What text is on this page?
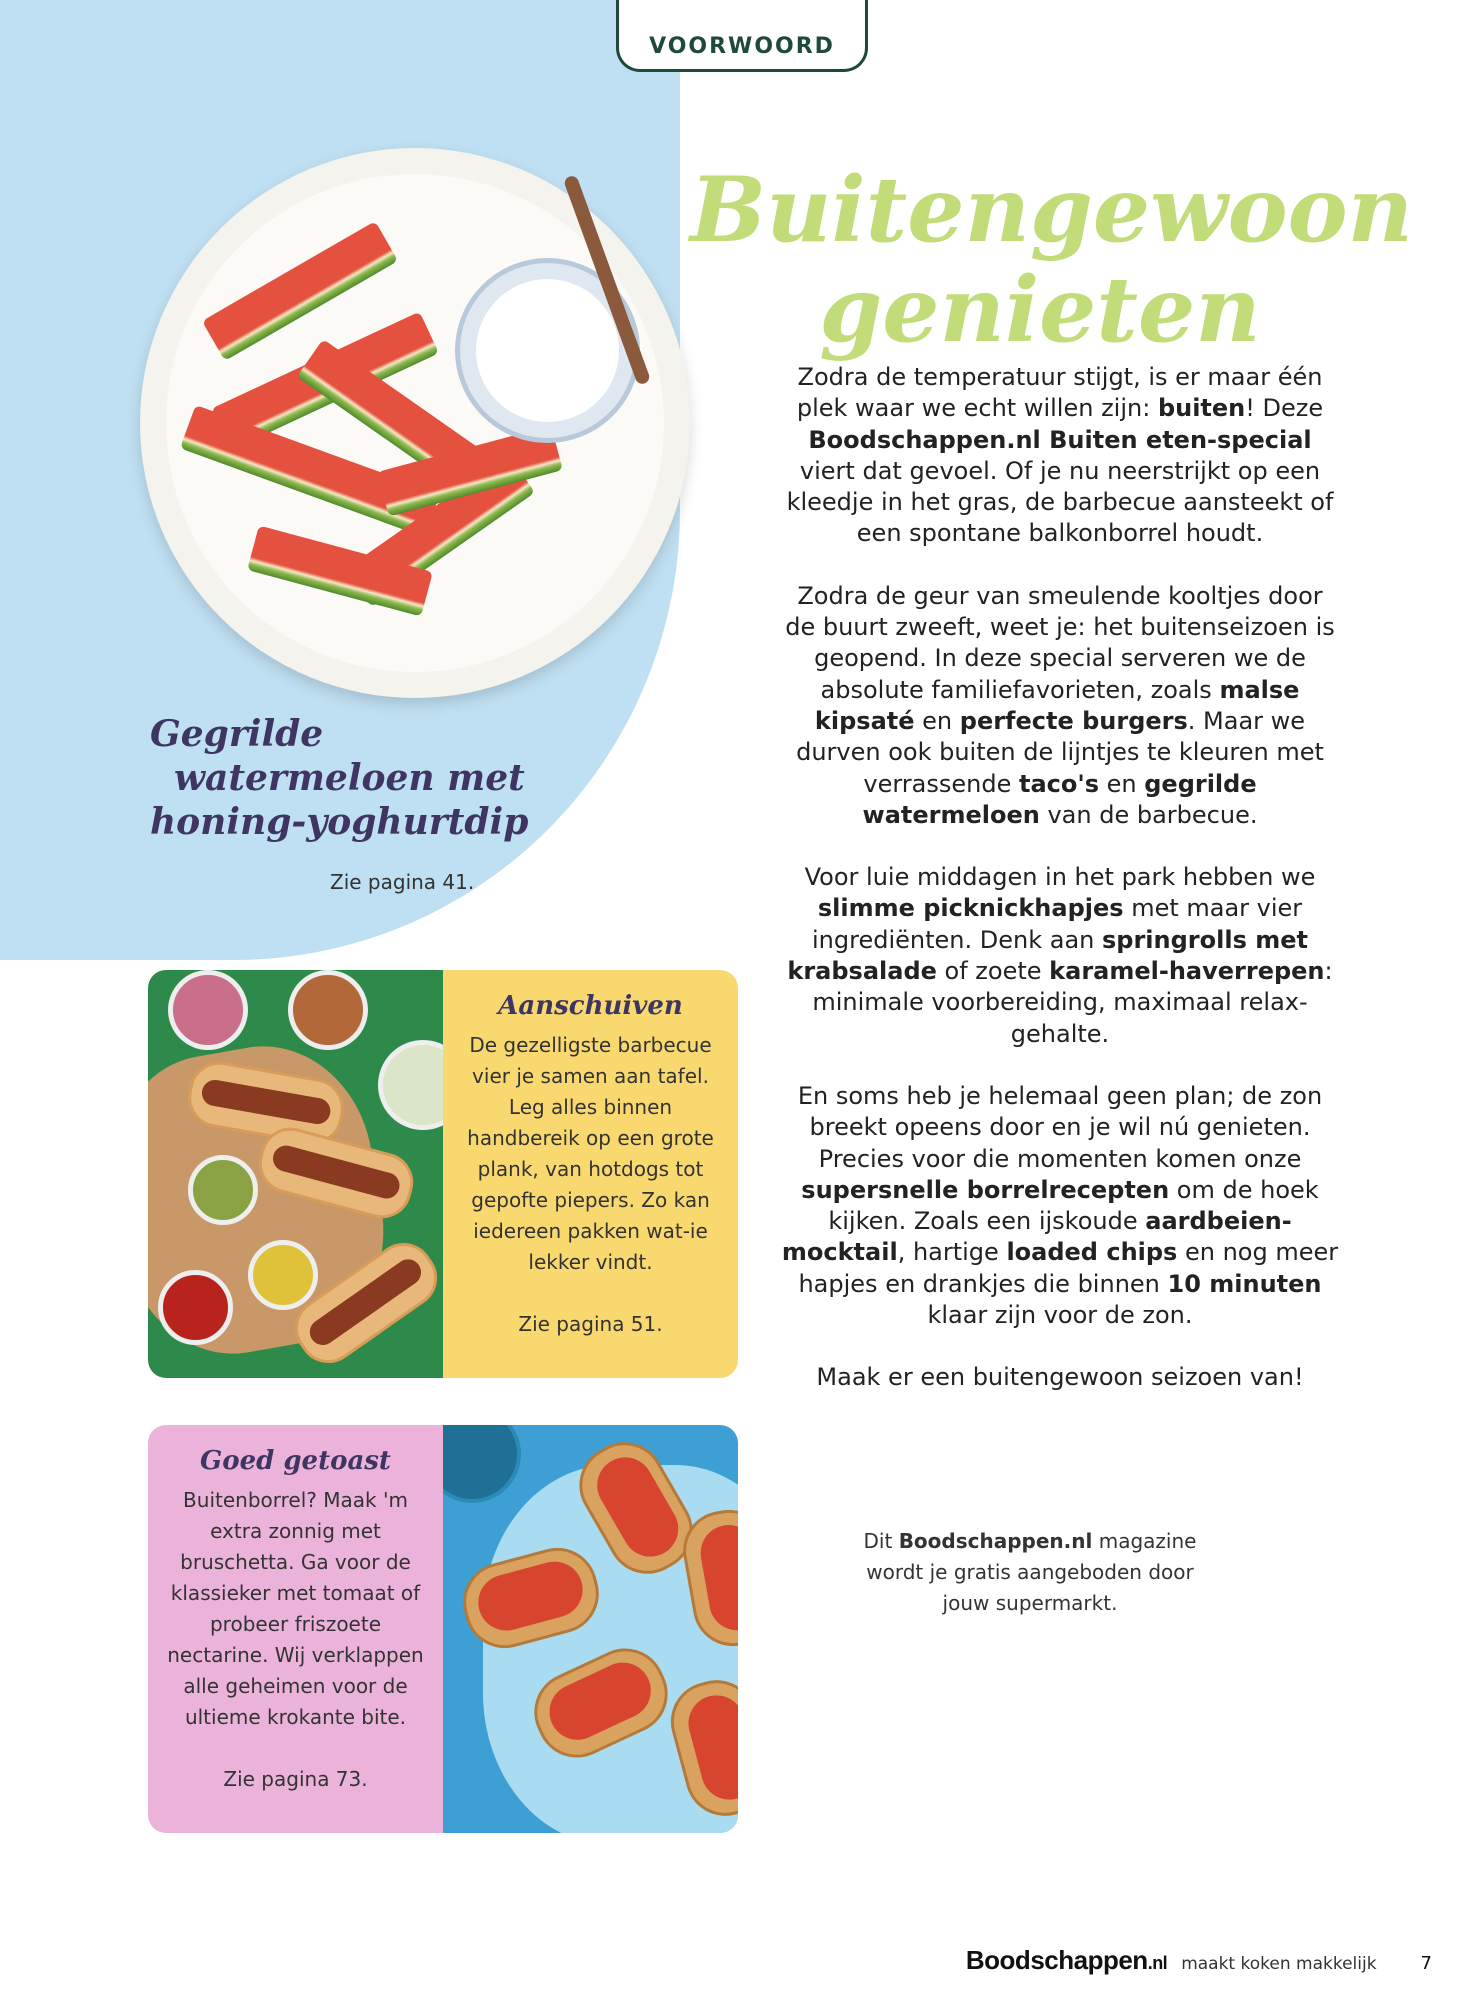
VOORWOORD
Buitengewoon
genieten
Gegrilde
watermeloen met
honing-yoghurtdip
Zie pagina 41.

Zodra de temperatuur stijgt, is er maar één plek waar we echt willen zijn: buiten! Deze Boodschappen.nl Buiten eten-special viert dat gevoel. Of je nu neerstrijkt op een kleedje in het gras, de barbecue aansteekt of een spontane balkonborrel houdt.

Zodra de geur van smeulende kooltjes door de buurt zweeft, weet je: het buitenseizoen is geopend. In deze special serveren we de absolute familiefavorieten, zoals malse kipsaté en perfecte burgers. Maar we durven ook buiten de lijntjes te kleuren met verrassende taco's en gegrilde watermeloen van de barbecue.

Voor luie middagen in het park hebben we slimme picknickhapjes met maar vier ingrediënten. Denk aan springrolls met krabsalade of zoete karamel-haverrepen: minimale voorbereiding, maximaal relax-gehalte.

En soms heb je helemaal geen plan; de zon breekt opeens door en je wil nú genieten. Precies voor die momenten komen onze supersnelle borrelrecepten om de hoek kijken. Zoals een ijskoude aardbeien-mocktail, hartige loaded chips en nog meer hapjes en drankjes die binnen 10 minuten klaar zijn voor de zon.

Maak er een buitengewoon seizoen van!

Aanschuiven
De gezelligste barbecue vier je samen aan tafel. Leg alles binnen handbereik op een grote plank, van hotdogs tot gepofte piepers. Zo kan iedereen pakken wat-ie lekker vindt.
Zie pagina 51.
Goed getoast
Buitenborrel? Maak 'm extra zonnig met bruschetta. Ga voor de klassieker met tomaat of probeer friszoete nectarine. Wij verklappen alle geheimen voor de ultieme krokante bite.
Zie pagina 73.
Dit Boodschappen.nl magazine wordt je gratis aangeboden door jouw supermarkt.
Boodschappen.nl maakt koken makkelijk 7
